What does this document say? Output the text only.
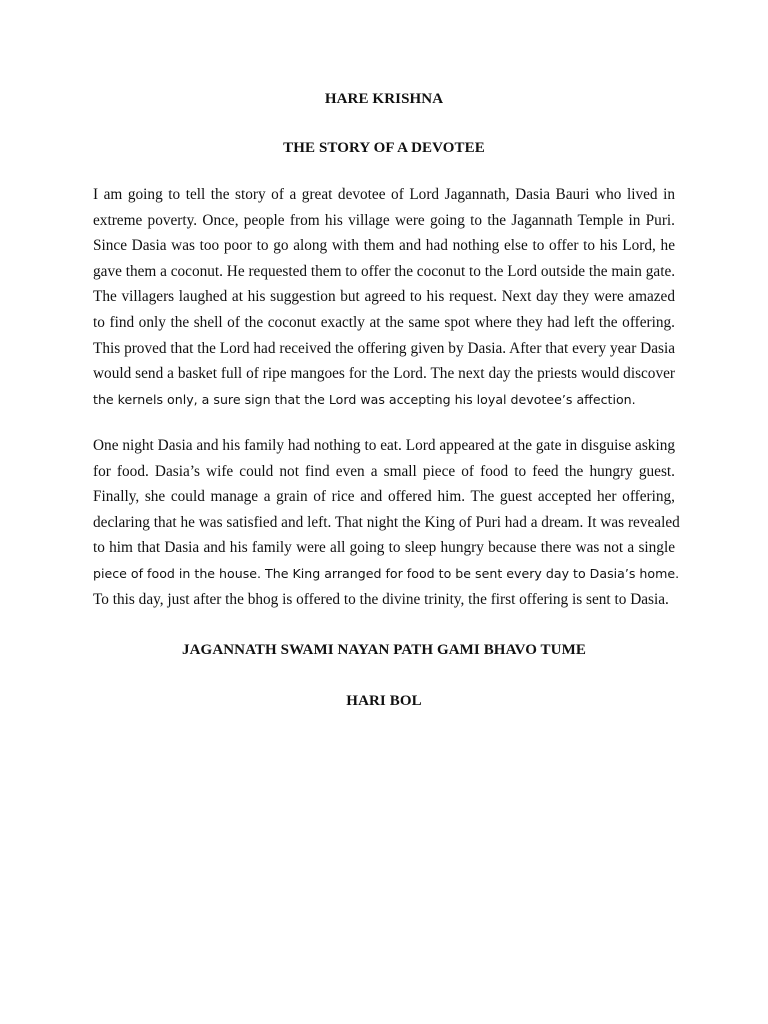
HARE KRISHNA
THE STORY OF A DEVOTEE

I am going to tell the story of a great devotee of Lord Jagannath, Dasia Bauri who lived in
extreme poverty. Once, people from his village were going to the Jagannath Temple in Puri.
Since Dasia was too poor to go along with them and had nothing else to offer to his Lord, he
gave them a coconut. He requested them to offer the coconut to the Lord outside the main gate.
The villagers laughed at his suggestion but agreed to his request. Next day they were amazed
to find only the shell of the coconut exactly at the same spot where they had left the offering.
This proved that the Lord had received the offering given by Dasia. After that every year Dasia
would send a basket full of ripe mangoes for the Lord. The next day the priests would discover
the kernels only, a sure sign that the Lord was accepting his loyal devotee’s affection.

One night Dasia and his family had nothing to eat. Lord appeared at the gate in disguise asking
for food. Dasia’s wife could not find even a small piece of food to feed the hungry guest.
Finally, she could manage a grain of rice and offered him. The guest accepted her offering,
declaring that he was satisfied and left. That night the King of Puri had a dream. It was revealed
to him that Dasia and his family were all going to sleep hungry because there was not a single
piece of food in the house. The King arranged for food to be sent every day to Dasia’s home.
To this day, just after the bhog is offered to the divine trinity, the first offering is sent to Dasia.

JAGANNATH SWAMI NAYAN PATH GAMI BHAVO TUME
HARI BOL
